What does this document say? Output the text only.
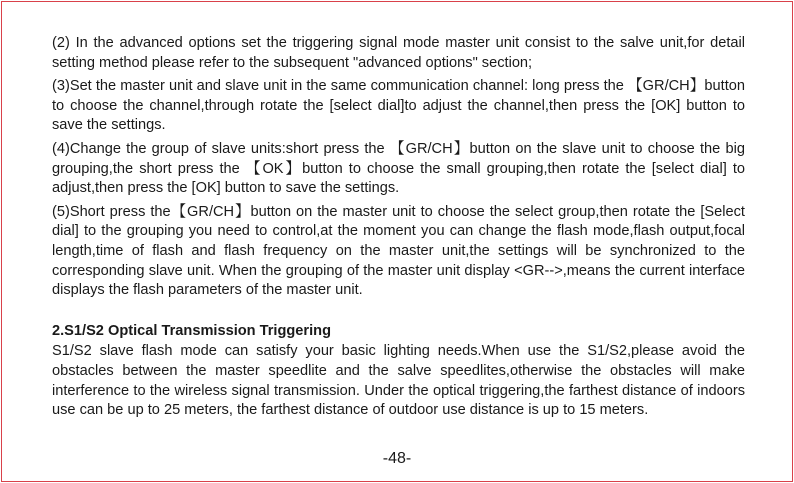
(2) In the advanced options set the triggering signal mode master unit consist to the salve unit,for detail setting method please refer to the subsequent "advanced options" section;

(3)Set the master unit and slave unit in the same communication channel: long press the 【GR/CH】button to choose the channel,through rotate the [select dial]to adjust the channel,then press the [OK] button to save the settings.

(4)Change the group of slave units:short press the 【GR/CH】button on the slave unit to choose the big grouping,the short press the 【OK】button to choose the small grouping,then rotate the [select dial] to adjust,then press the [OK] button to save the settings.

(5)Short press the【GR/CH】button on the master unit to choose the select group,then rotate the [Select dial] to the grouping you need to control,at the moment you can change the flash mode,flash output,focal length,time of flash and flash frequency on the master unit,the settings will be synchronized to the corresponding slave unit. When the grouping of the master unit display <GR-->,means the current interface displays the flash parameters of the master unit.

2.S1/S2 Optical Transmission Triggering

S1/S2 slave flash mode can satisfy your basic lighting needs.When use the S1/S2,please avoid the obstacles between the master speedlite and the salve speedlites,otherwise the obstacles will make interference to the wireless signal transmission. Under the optical triggering,the farthest distance of indoors use can be up to 25 meters, the farthest distance of outdoor use distance is up to 15 meters.

-48-
